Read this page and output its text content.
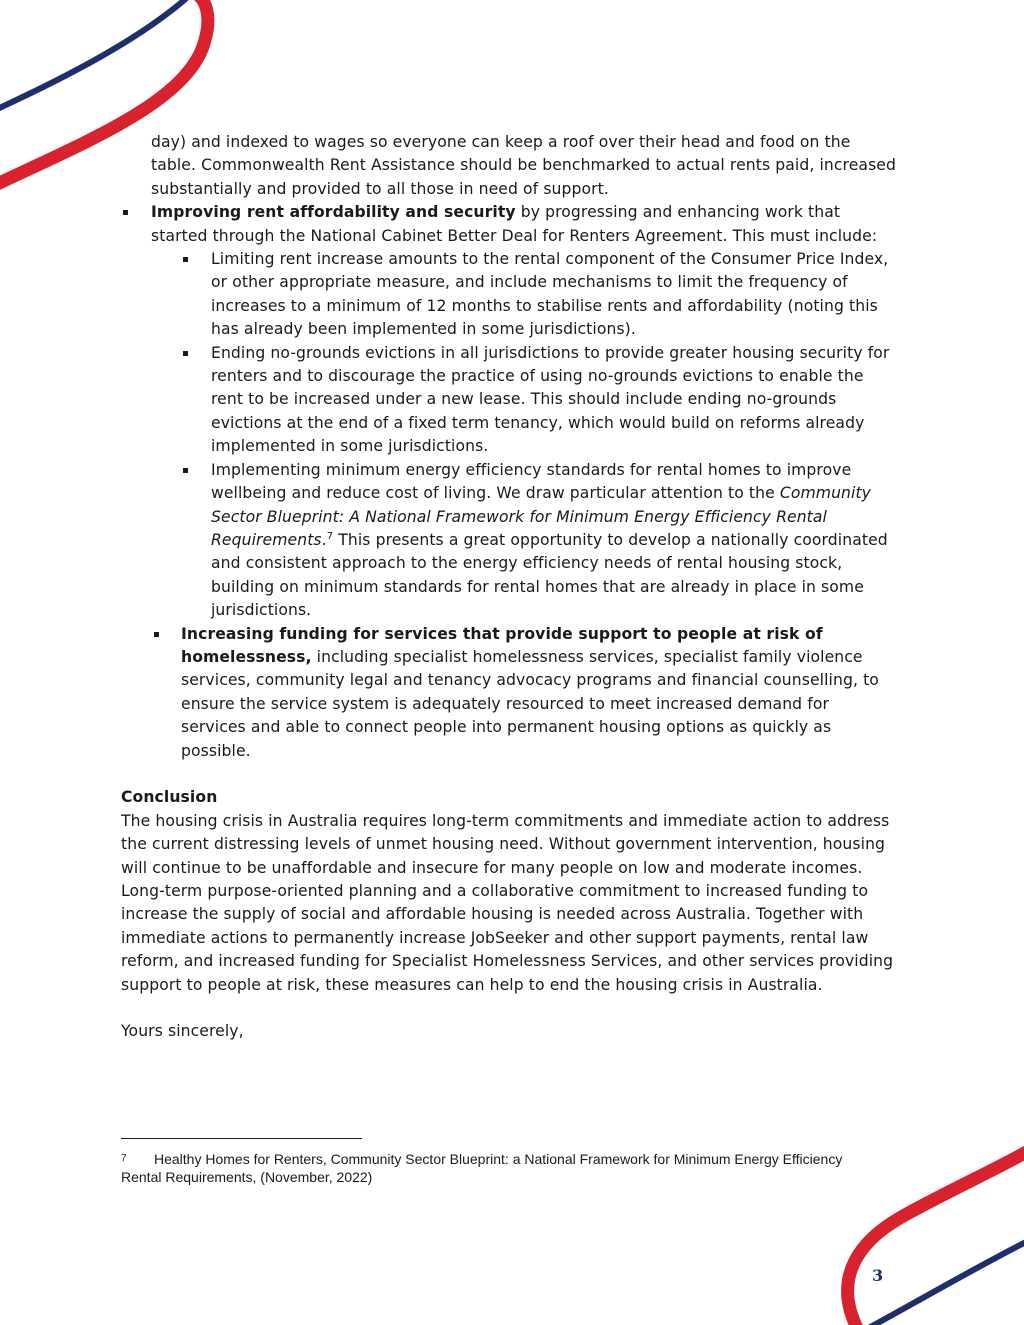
day) and indexed to wages so everyone can keep a roof over their head and food on the table. Commonwealth Rent Assistance should be benchmarked to actual rents paid, increased substantially and provided to all those in need of support.

Improving rent affordability and security by progressing and enhancing work that started through the National Cabinet Better Deal for Renters Agreement. This must include:

Limiting rent increase amounts to the rental component of the Consumer Price Index, or other appropriate measure, and include mechanisms to limit the frequency of increases to a minimum of 12 months to stabilise rents and affordability (noting this has already been implemented in some jurisdictions).

Ending no-grounds evictions in all jurisdictions to provide greater housing security for renters and to discourage the practice of using no-grounds evictions to enable the rent to be increased under a new lease. This should include ending no-grounds evictions at the end of a fixed term tenancy, which would build on reforms already implemented in some jurisdictions.

Implementing minimum energy efficiency standards for rental homes to improve wellbeing and reduce cost of living. We draw particular attention to the Community Sector Blueprint: A National Framework for Minimum Energy Efficiency Rental Requirements.$^7$ This presents a great opportunity to develop a nationally coordinated and consistent approach to the energy efficiency needs of rental housing stock, building on minimum standards for rental homes that are already in place in some jurisdictions.

Increasing funding for services that provide support to people at risk of homelessness, including specialist homelessness services, specialist family violence services, community legal and tenancy advocacy programs and financial counselling, to ensure the service system is adequately resourced to meet increased demand for services and able to connect people into permanent housing options as quickly as possible.

Conclusion

The housing crisis in Australia requires long-term commitments and immediate action to address the current distressing levels of unmet housing need. Without government intervention, housing will continue to be unaffordable and insecure for many people on low and moderate incomes. Long-term purpose-oriented planning and a collaborative commitment to increased funding to increase the supply of social and affordable housing is needed across Australia. Together with immediate actions to permanently increase JobSeeker and other support payments, rental law reform, and increased funding for Specialist Homelessness Services, and other services providing support to people at risk, these measures can help to end the housing crisis in Australia.

Yours sincerely,

7 Healthy Homes for Renters, Community Sector Blueprint: a National Framework for Minimum Energy Efficiency Rental Requirements, (November, 2022)
3
